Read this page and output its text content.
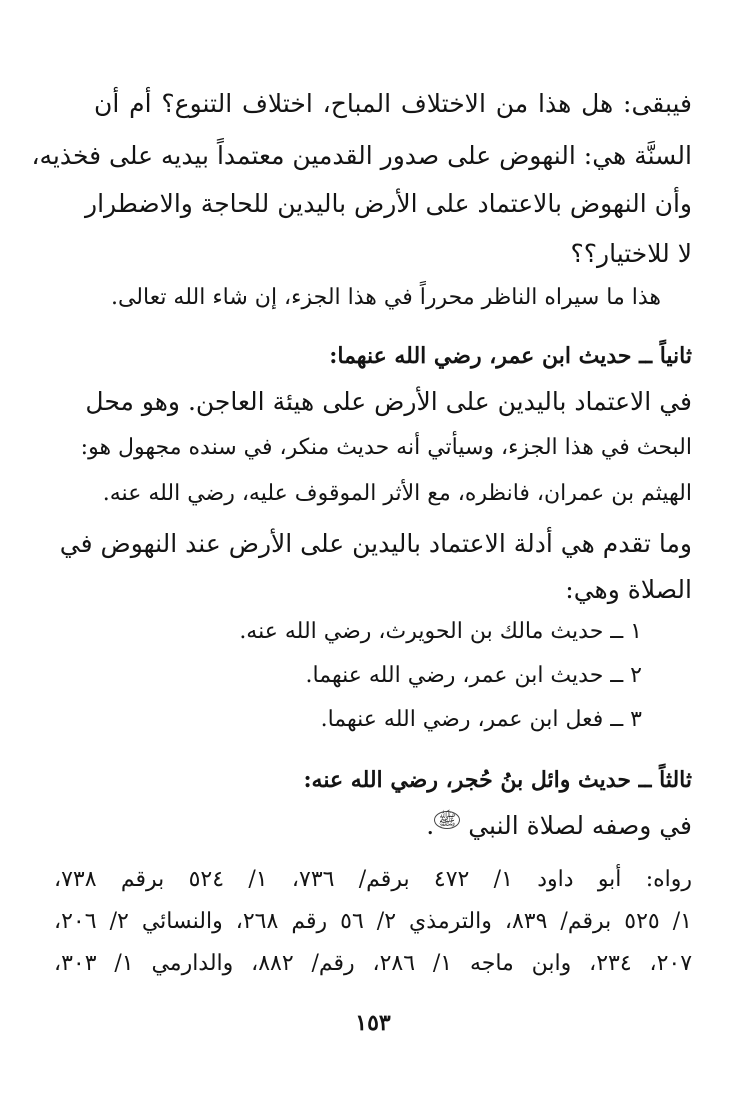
فيبقى: هل هذا من الاختلاف المباح، اختلاف التنوع؟ أم أن
السنَّة هي: النهوض على صدور القدمين معتمداً بيديه على فخذيه،
وأن النهوض بالاعتماد على الأرض باليدين للحاجة والاضطرار
لا للاختيار؟؟
هذا ما سيراه الناظر محرراً في هذا الجزء، إن شاء الله تعالى.
ثانياً ــ حديث ابن عمر، رضي الله عنهما:
في الاعتماد باليدين على الأرض على هيئة العاجن. وهو محل
البحث في هذا الجزء، وسيأتي أنه حديث منكر، في سنده مجهول هو:
الهيثم بن عمران، فانظره، مع الأثر الموقوف عليه، رضي الله عنه.
وما تقدم هي أدلة الاعتماد باليدين على الأرض عند النهوض في
الصلاة وهي:
١ ــ حديث مالك بن الحويرث، رضي الله عنه.
٢ ــ حديث ابن عمر، رضي الله عنهما.
٣ ــ فعل ابن عمر، رضي الله عنهما.
ثالثاً ــ حديث وائل بنُ حُجر، رضي الله عنه:
في وصفه لصلاة النبي ﷺ.
رواه: أبو داود ١/ ٤٧٢ برقم/ ٧٣٦، ١/ ٥٢٤ برقم ٧٣٨،
١/ ٥٢٥ برقم/ ٨٣٩، والترمذي ٢/ ٥٦ رقم ٢٦٨، والنسائي ٢/ ٢٠٦،
٢٠٧، ٢٣٤، وابن ماجه ١/ ٢٨٦، رقم/ ٨٨٢، والدارمي ١/ ٣٠٣،
١٥٣
